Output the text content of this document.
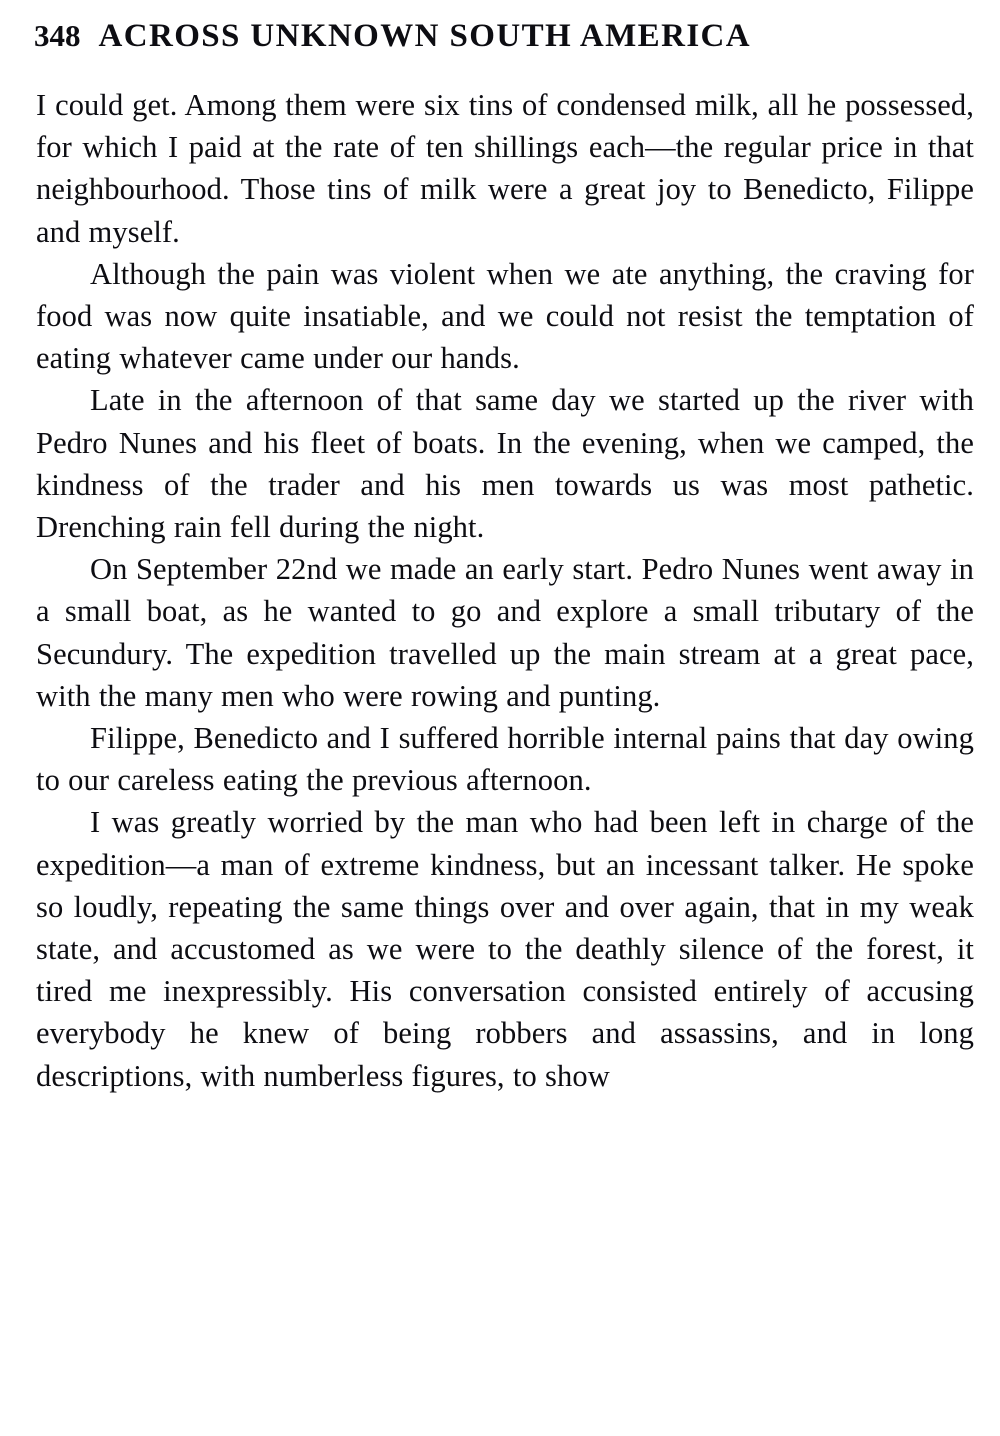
348 ACROSS UNKNOWN SOUTH AMERICA

I could get. Among them were six tins of condensed milk, all he possessed, for which I paid at the rate of ten shillings each—the regular price in that neighbourhood. Those tins of milk were a great joy to Benedicto, Filippe and myself.

Although the pain was violent when we ate anything, the craving for food was now quite insatiable, and we could not resist the temptation of eating whatever came under our hands.

Late in the afternoon of that same day we started up the river with Pedro Nunes and his fleet of boats. In the evening, when we camped, the kindness of the trader and his men towards us was most pathetic. Drenching rain fell during the night.

On September 22nd we made an early start. Pedro Nunes went away in a small boat, as he wanted to go and explore a small tributary of the Secundury. The expedition travelled up the main stream at a great pace, with the many men who were rowing and punting.

Filippe, Benedicto and I suffered horrible internal pains that day owing to our careless eating the previous afternoon.

I was greatly worried by the man who had been left in charge of the expedition—a man of extreme kindness, but an incessant talker. He spoke so loudly, repeating the same things over and over again, that in my weak state, and accustomed as we were to the deathly silence of the forest, it tired me inexpressibly. His conversation consisted entirely of accusing everybody he knew of being robbers and assassins, and in long descriptions, with numberless figures, to show
